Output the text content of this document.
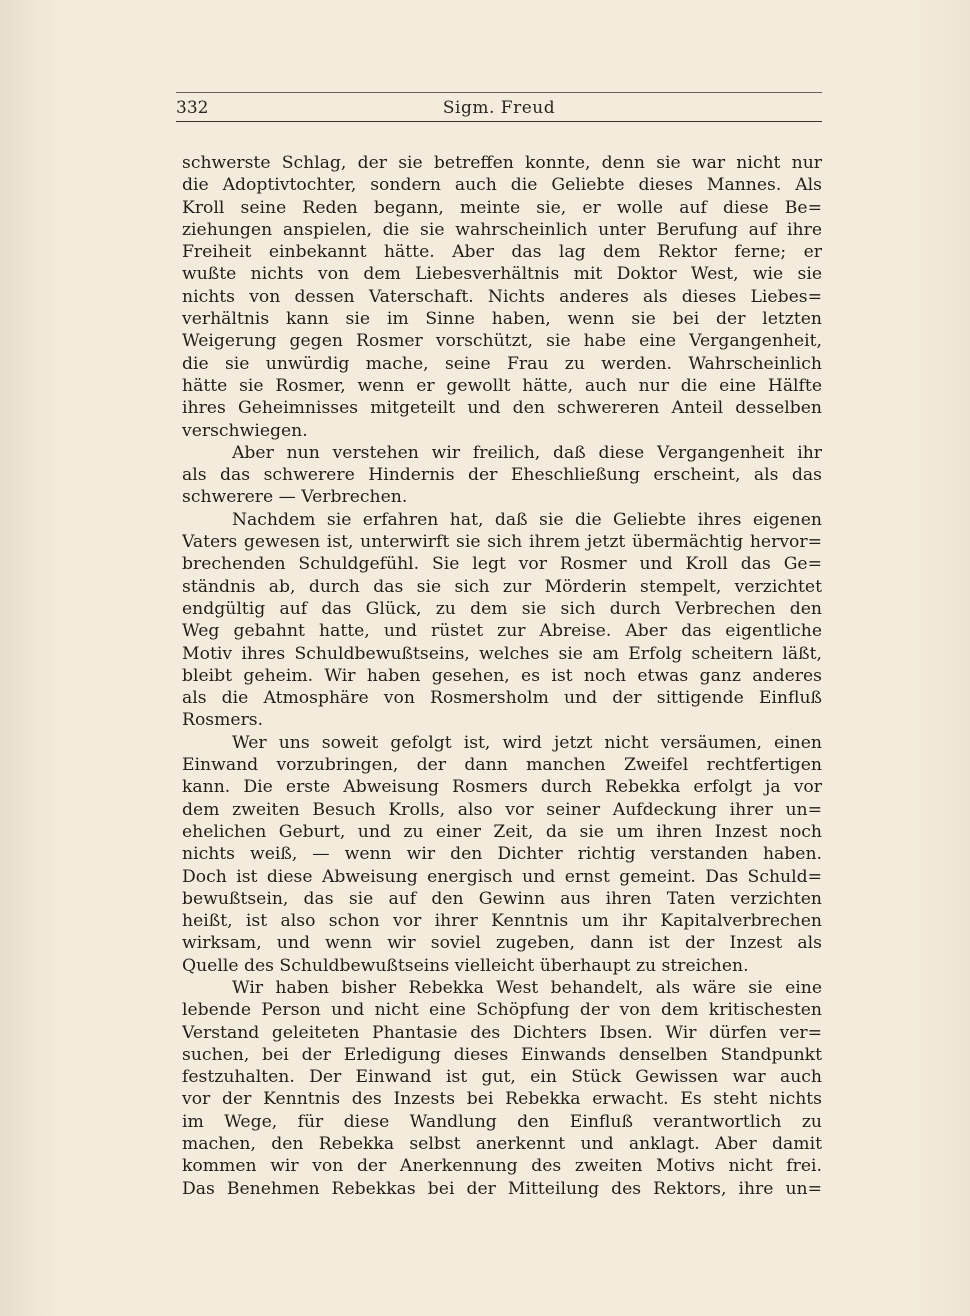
332	Sigm. Freud
schwerste Schlag, der sie betreffen konnte, denn sie war nicht nur
die Adoptivtochter, sondern auch die Geliebte dieses Mannes. Als
Kroll seine Reden begann, meinte sie, er wolle auf diese Be=
ziehungen anspielen, die sie wahrscheinlich unter Berufung auf ihre
Freiheit einbekannt hätte. Aber das lag dem Rektor ferne; er
wußte nichts von dem Liebesverhältnis mit Doktor West, wie sie
nichts von dessen Vaterschaft. Nichts anderes als dieses Liebes=
verhältnis kann sie im Sinne haben, wenn sie bei der letzten
Weigerung gegen Rosmer vorschützt, sie habe eine Vergangenheit,
die sie unwürdig mache, seine Frau zu werden. Wahrscheinlich
hätte sie Rosmer, wenn er gewollt hätte, auch nur die eine Hälfte
ihres Geheimnisses mitgeteilt und den schwereren Anteil desselben
verschwiegen.
Aber nun verstehen wir freilich, daß diese Vergangenheit ihr
als das schwerere Hindernis der Eheschließung erscheint, als das
schwerere — Verbrechen.
Nachdem sie erfahren hat, daß sie die Geliebte ihres eigenen
Vaters gewesen ist, unterwirft sie sich ihrem jetzt übermächtig hervor=
brechenden Schuldgefühl. Sie legt vor Rosmer und Kroll das Ge=
ständnis ab, durch das sie sich zur Mörderin stempelt, verzichtet
endgültig auf das Glück, zu dem sie sich durch Verbrechen den
Weg gebahnt hatte, und rüstet zur Abreise. Aber das eigentliche
Motiv ihres Schuldbewußtseins, welches sie am Erfolg scheitern läßt,
bleibt geheim. Wir haben gesehen, es ist noch etwas ganz anderes
als die Atmosphäre von Rosmersholm und der sittigende Einfluß
Rosmers.
Wer uns soweit gefolgt ist, wird jetzt nicht versäumen, einen
Einwand vorzubringen, der dann manchen Zweifel rechtfertigen
kann. Die erste Abweisung Rosmers durch Rebekka erfolgt ja vor
dem zweiten Besuch Krolls, also vor seiner Aufdeckung ihrer un=
ehelichen Geburt, und zu einer Zeit, da sie um ihren Inzest noch
nichts weiß, — wenn wir den Dichter richtig verstanden haben.
Doch ist diese Abweisung energisch und ernst gemeint. Das Schuld=
bewußtsein, das sie auf den Gewinn aus ihren Taten verzichten
heißt, ist also schon vor ihrer Kenntnis um ihr Kapitalverbrechen
wirksam, und wenn wir soviel zugeben, dann ist der Inzest als
Quelle des Schuldbewußtseins vielleicht überhaupt zu streichen.
Wir haben bisher Rebekka West behandelt, als wäre sie eine
lebende Person und nicht eine Schöpfung der von dem kritischesten
Verstand geleiteten Phantasie des Dichters Ibsen. Wir dürfen ver=
suchen, bei der Erledigung dieses Einwands denselben Standpunkt
festzuhalten. Der Einwand ist gut, ein Stück Gewissen war auch
vor der Kenntnis des Inzests bei Rebekka erwacht. Es steht nichts
im Wege, für diese Wandlung den Einfluß verantwortlich zu
machen, den Rebekka selbst anerkennt und anklagt. Aber damit
kommen wir von der Anerkennung des zweiten Motivs nicht frei.
Das Benehmen Rebekkas bei der Mitteilung des Rektors, ihre un=
